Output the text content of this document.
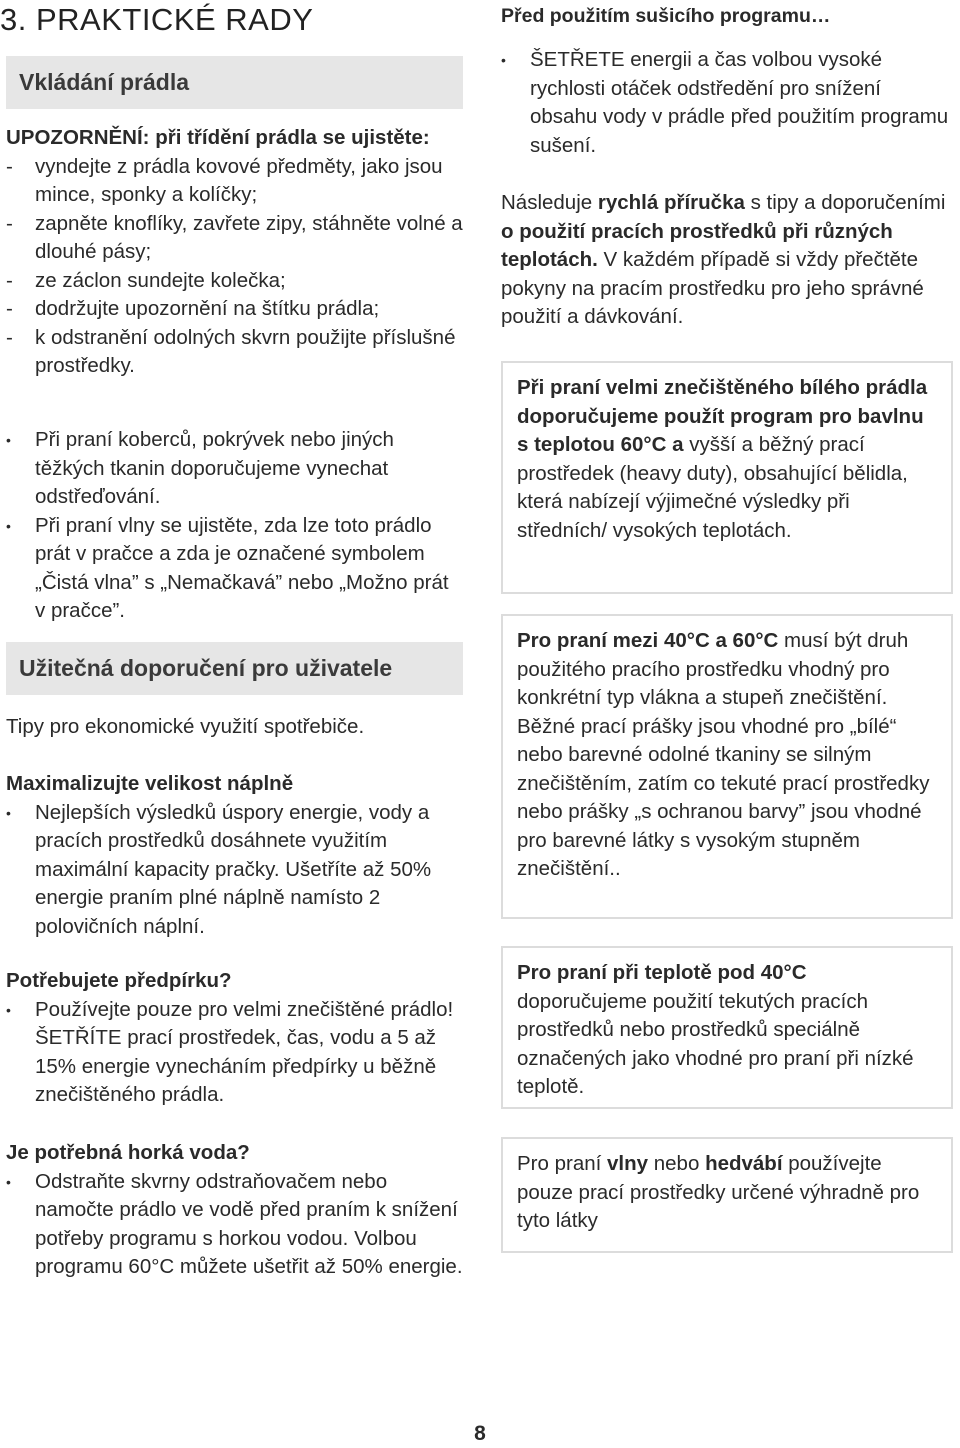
3. PRAKTICKÉ RADY
Vkládání prádla

UPOZORNĚNÍ: při třídění prádla se ujistěte:

-	vyndejte z prádla kovové předměty, jako jsou mince, sponky a kolíčky;

-	zapněte knoflíky, zavřete zipy, stáhněte volné a dlouhé pásy;

-	ze záclon sundejte kolečka;

-	dodržujte upozornění na štítku prádla;

-	k odstranění odolných skvrn použijte příslušné prostředky.

•	Při praní koberců, pokrývek nebo jiných těžkých tkanin doporučujeme vynechat odstřeďování.

•	Při praní vlny se ujistěte, zda lze toto prádlo prát v pračce a zda je označené symbolem „Čistá vlna” s „Nemačkavá” nebo „Možno prát v pračce”.

Užitečná doporučení pro uživatele

Tipy pro ekonomické využití spotřebiče.

Maximalizujte velikost náplně

•	Nejlepších výsledků úspory energie, vody a pracích prostředků dosáhnete využitím maximální kapacity pračky. Ušetříte až 50% energie praním plné náplně namísto 2 polovičních náplní.

Potřebujete předpírku?

•	Používejte pouze pro velmi znečištěné prádlo! ŠETŘÍTE prací prostředek, čas, vodu a 5 až 15% energie vynecháním předpírky u běžně znečištěného prádla.

Je potřebná horká voda?

•	Odstraňte skvrny odstraňovačem nebo namočte prádlo ve vodě před praním k snížení potřeby programu s horkou vodou. Volbou programu 60°C můžete ušetřit až 50% energie.

Před použitím sušicího programu…

•	ŠETŘETE energii a čas volbou vysoké rychlosti otáček odstředění pro snížení obsahu vody v prádle před použitím programu sušení.

Následuje rychlá příručka s tipy a doporučeními o použití pracích prostředků při různých teplotách. V každém případě si vždy přečtěte pokyny na pracím prostředku pro jeho správné použití a dávkování.

Při praní velmi znečištěného bílého prádla doporučujeme použít program pro bavlnu s teplotou 60°C a vyšší a běžný prací prostředek (heavy duty), obsahující bělidla, která nabízejí výjimečné výsledky při středních/ vysokých teplotách.

Pro praní mezi 40°C a 60°C musí být druh použitého pracího prostředku vhodný pro konkrétní typ vlákna a stupeň znečištění. Běžné prací prášky jsou vhodné pro „bílé“ nebo barevné odolné tkaniny se silným znečištěním, zatím co tekuté prací prostředky nebo prášky „s ochranou barvy” jsou vhodné pro barevné látky s vysokým stupněm znečištění..

Pro praní při teplotě pod 40°C doporučujeme použití tekutých pracích prostředků nebo prostředků speciálně označených jako vhodné pro praní při nízké teplotě.

Pro praní vlny nebo hedvábí používejte pouze prací prostředky určené výhradně pro tyto látky

8
